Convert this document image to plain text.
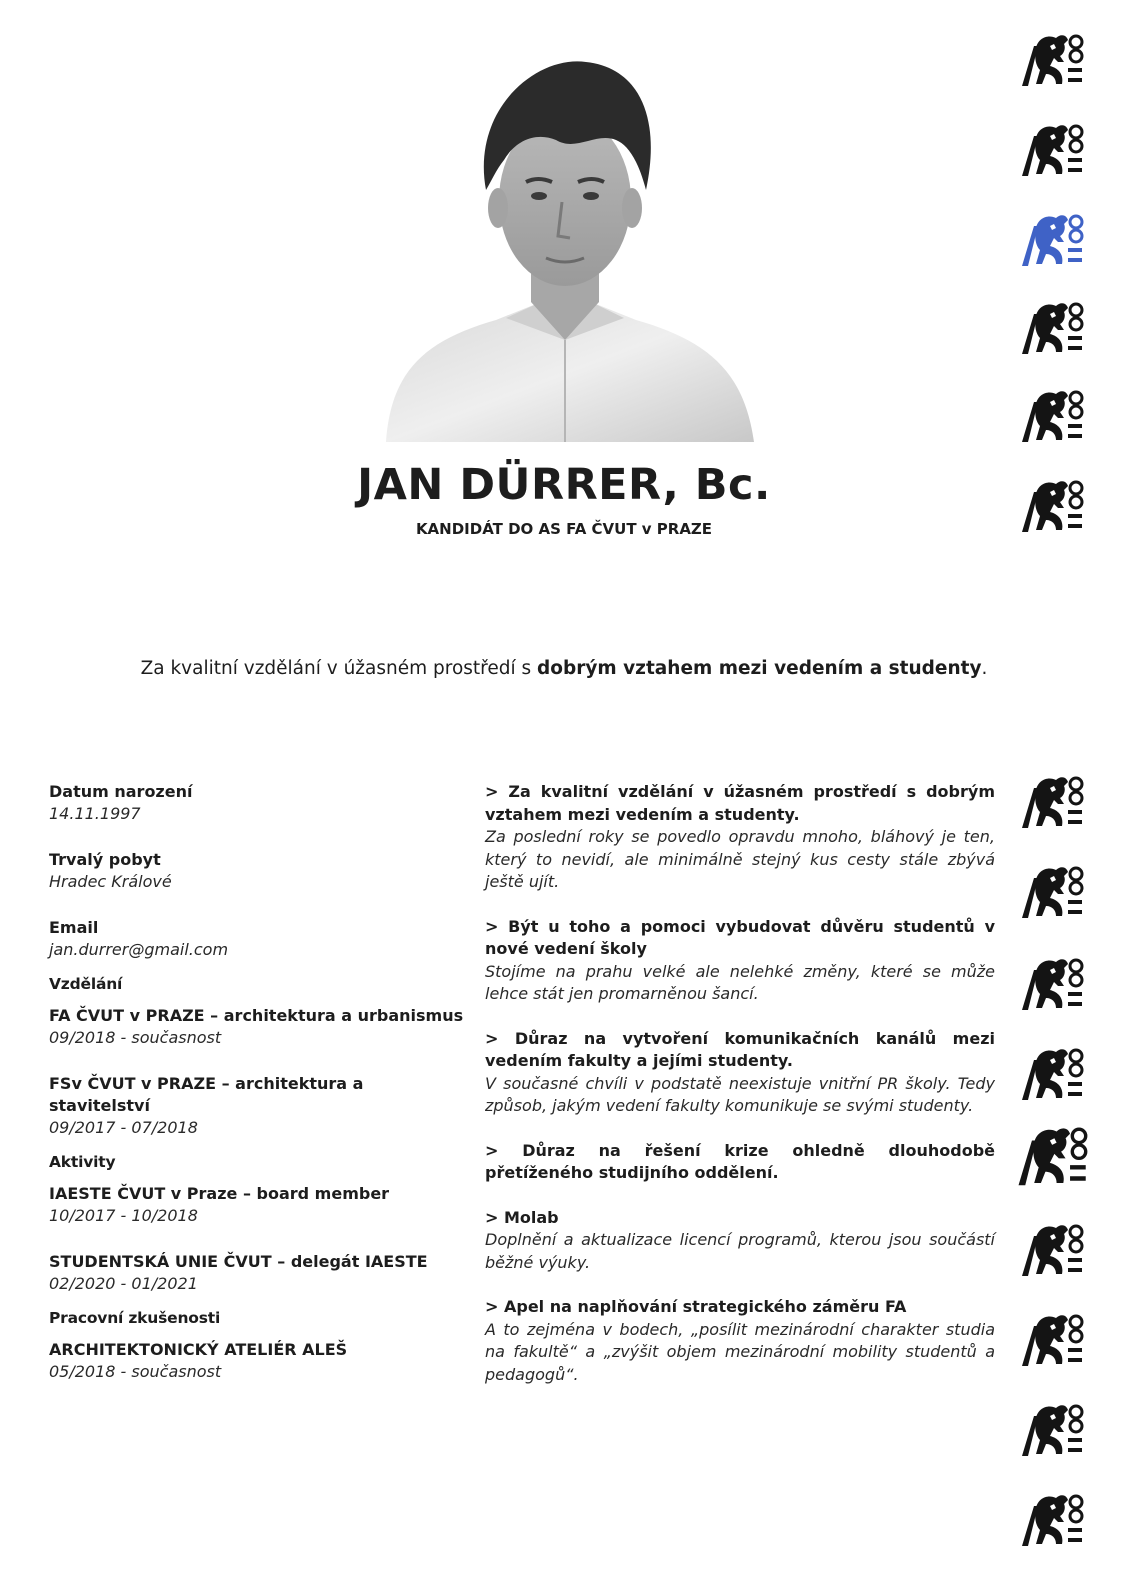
JAN DÜRRER, Bc.
KANDIDÁT DO AS FA ČVUT v PRAZE
Za kvalitní vzdělání v úžasném prostředí s dobrým vztahem mezi vedením a studenty.
Datum narození
14.11.1997
Trvalý pobyt
Hradec Králové
Email
jan.durrer@gmail.com
Vzdělání
FA ČVUT v PRAZE – architektura a urbanismus
09/2018 - současnost
FSv ČVUT v PRAZE – architektura a stavitelství
09/2017 - 07/2018
Aktivity
IAESTE ČVUT v Praze – board member
10/2017 - 10/2018
STUDENTSKÁ UNIE ČVUT – delegát IAESTE
02/2020 - 01/2021
Pracovní zkušenosti
ARCHITEKTONICKÝ ATELIÉR ALEŠ
05/2018 - současnost
> Za kvalitní vzdělání v úžasném prostředí s dobrým vztahem mezi vedením a studenty.
Za poslední roky se povedlo opravdu mnoho, bláhový je ten, který to nevidí, ale minimálně stejný kus cesty stále zbývá ještě ujít.
> Být u toho a pomoci vybudovat důvěru studentů v nové vedení školy
Stojíme na prahu velké ale nelehké změny, které se může lehce stát jen promarněnou šancí.
> Důraz na vytvoření komunikačních kanálů mezi vedením fakulty a jejími studenty.
V současné chvíli v podstatě neexistuje vnitřní PR školy. Tedy způsob, jakým vedení fakulty komunikuje se svými studenty.
> Důraz na řešení krize ohledně dlouhodobě přetíženého studijního oddělení.
> Molab
Doplnění a aktualizace licencí programů, kterou jsou součástí běžné výuky.
> Apel na naplňování strategického záměru FA
A to zejména v bodech, „posílit mezinárodní charakter studia na fakultě“ a „zvýšit objem mezinárodní mobility studentů a pedagogů“.
